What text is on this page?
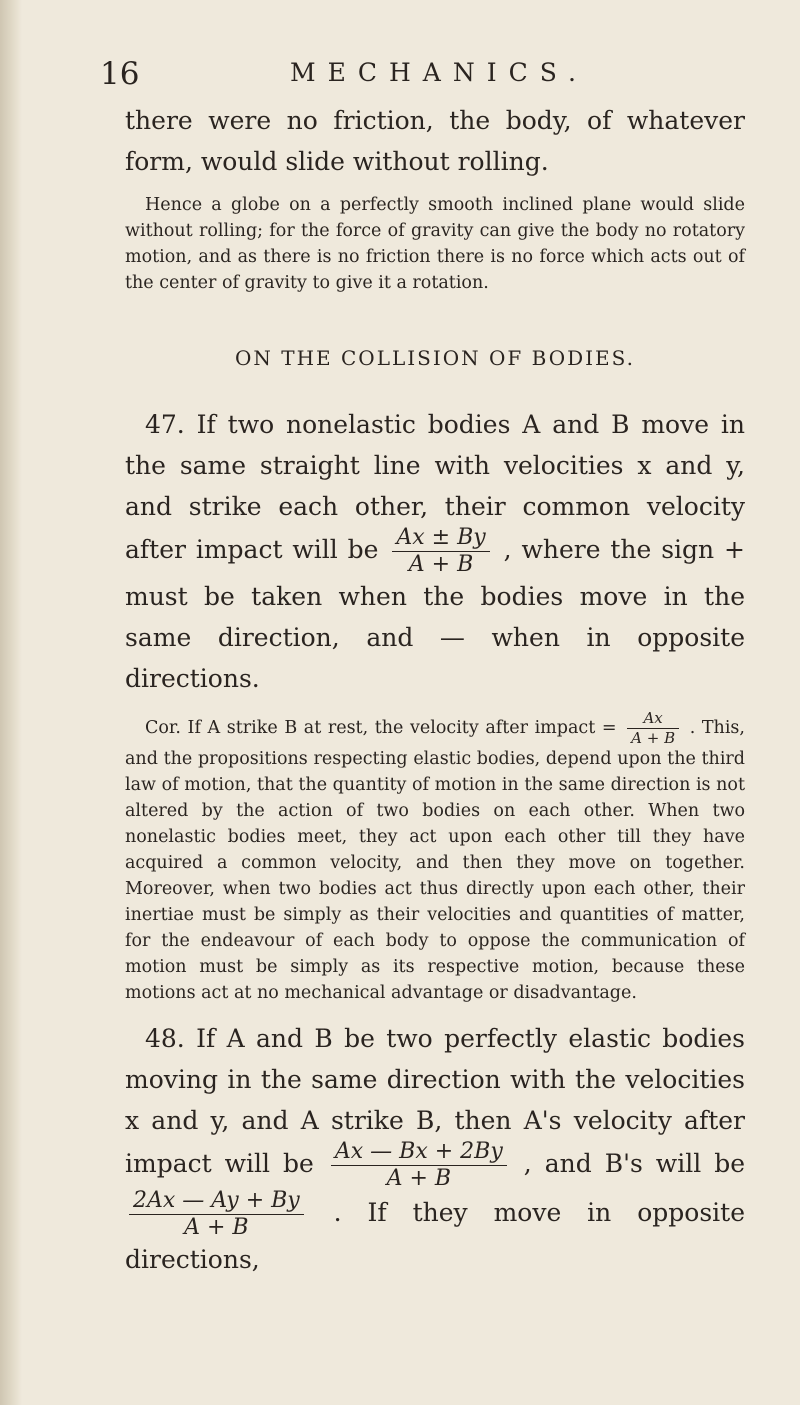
16	MECHANICS.

there were no friction, the body, of whatever form, would slide without rolling.

Hence a globe on a perfectly smooth inclined plane would slide without rolling; for the force of gravity can give the body no rotatory motion, and as there is no friction there is no force which acts out of the center of gravity to give it a rotation.

ON THE COLLISION OF BODIES.

47. If two nonelastic bodies A and B move in the same straight line with velocities x and y, and strike each other, their common velocity after impact will be $\frac{Ax \pm By}{A + B}$ , where the sign + must be taken when the bodies move in the same direction, and — when in opposite directions.

Cor. If A strike B at rest, the velocity after impact = $\frac{Ax}{A + B}$ . This, and the propositions respecting elastic bodies, depend upon the third law of motion, that the quantity of motion in the same direction is not altered by the action of two bodies on each other. When two nonelastic bodies meet, they act upon each other till they have acquired a common velocity, and then they move on together. Moreover, when two bodies act thus directly upon each other, their inertiae must be simply as their velocities and quantities of matter, for the endeavour of each body to oppose the communication of motion must be simply as its respective motion, because these motions act at no mechanical advantage or disadvantage.

48. If A and B be two perfectly elastic bodies moving in the same direction with the velocities x and y, and A strike B, then A's velocity after impact will be $\frac{Ax — Bx + 2By}{A + B}$ , and B's will be
$\frac{2Ax — Ay + By}{A + B}$ . If they move in opposite directions,
